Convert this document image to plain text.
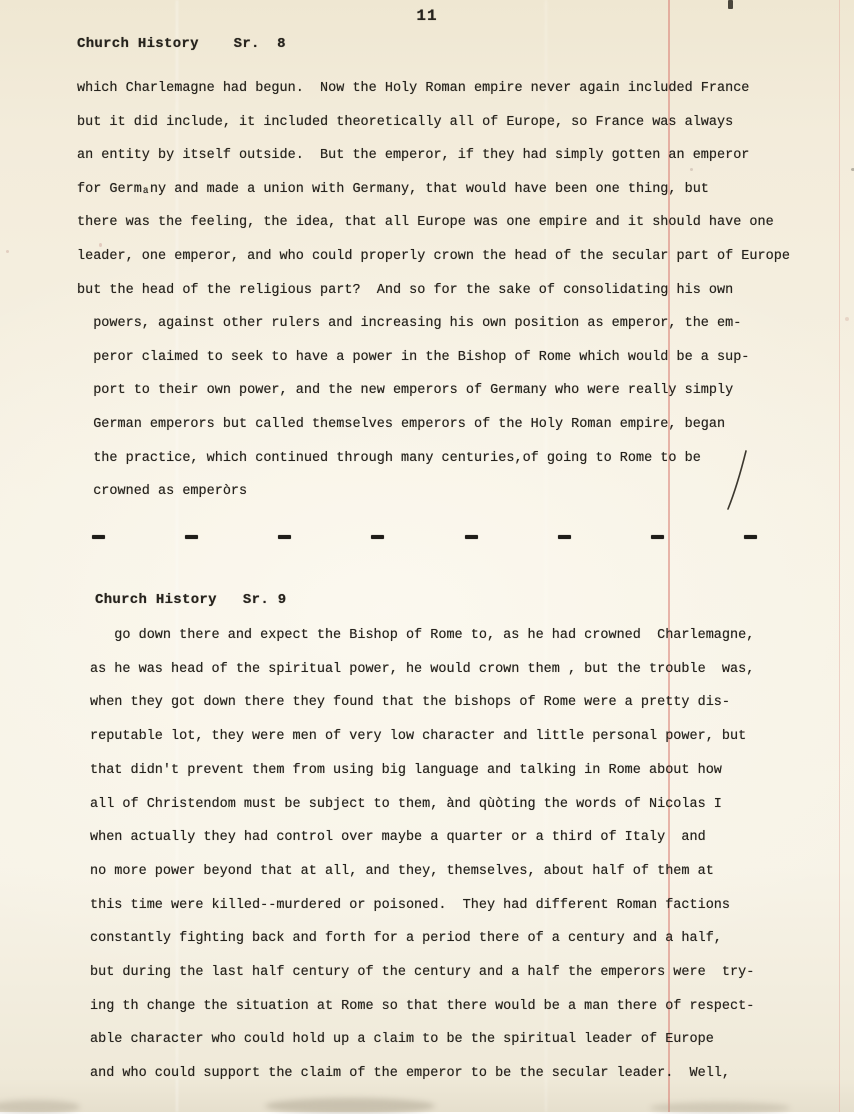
11
Church History    Sr.  8
which Charlemagne had begun.  Now the Holy Roman empire never again included France
but it did include, it included theoretically all of Europe, so France was always
an entity by itself outside.  But the emperor, if they had simply gotten an emperor
for Germₐny and made a union with Germany, that would have been one thing, but
there was the feeling, the idea, that all Europe was one empire and it should have one
leader, one emperor, and who could properly crown the head of the secular part of Europe
but the head of the religious part?  And so for the sake of consolidating his own
powers, against other rulers and increasing his own position as emperor, the em-
peror claimed to seek to have a power in the Bishop of Rome which would be a sup-
port to their own power, and the new emperors of Germany who were really simply
German emperors but called themselves emperors of the Holy Roman empire, began
the practice, which continued through many centuries,of going to Rome to be
crowned as emperòrs
Church History   Sr. 9
go down there and expect the Bishop of Rome to, as he had crowned  Charlemagne,
as he was head of the spiritual power, he would crown them , but the trouble  was,
when they got down there they found that the bishops of Rome were a pretty dis-
reputable lot, they were men of very low character and little personal power, but
that didn't prevent them from using big language and talking in Rome about how
all of Christendom must be subject to them, ànd qùòting the words of Nicolas I
when actually they had control over maybe a quarter or a third of Italy  and
no more power beyond that at all, and they, themselves, about half of them at
this time were killed--murdered or poisoned.  They had different Roman factions
constantly fighting back and forth for a period there of a century and a half,
but during the last half century of the century and a half the emperors were  try-
ing th change the situation at Rome so that there would be a man there of respect-
able character who could hold up a claim to be the spiritual leader of Europe
and who could support the claim of the emperor to be the secular leader.  Well,
